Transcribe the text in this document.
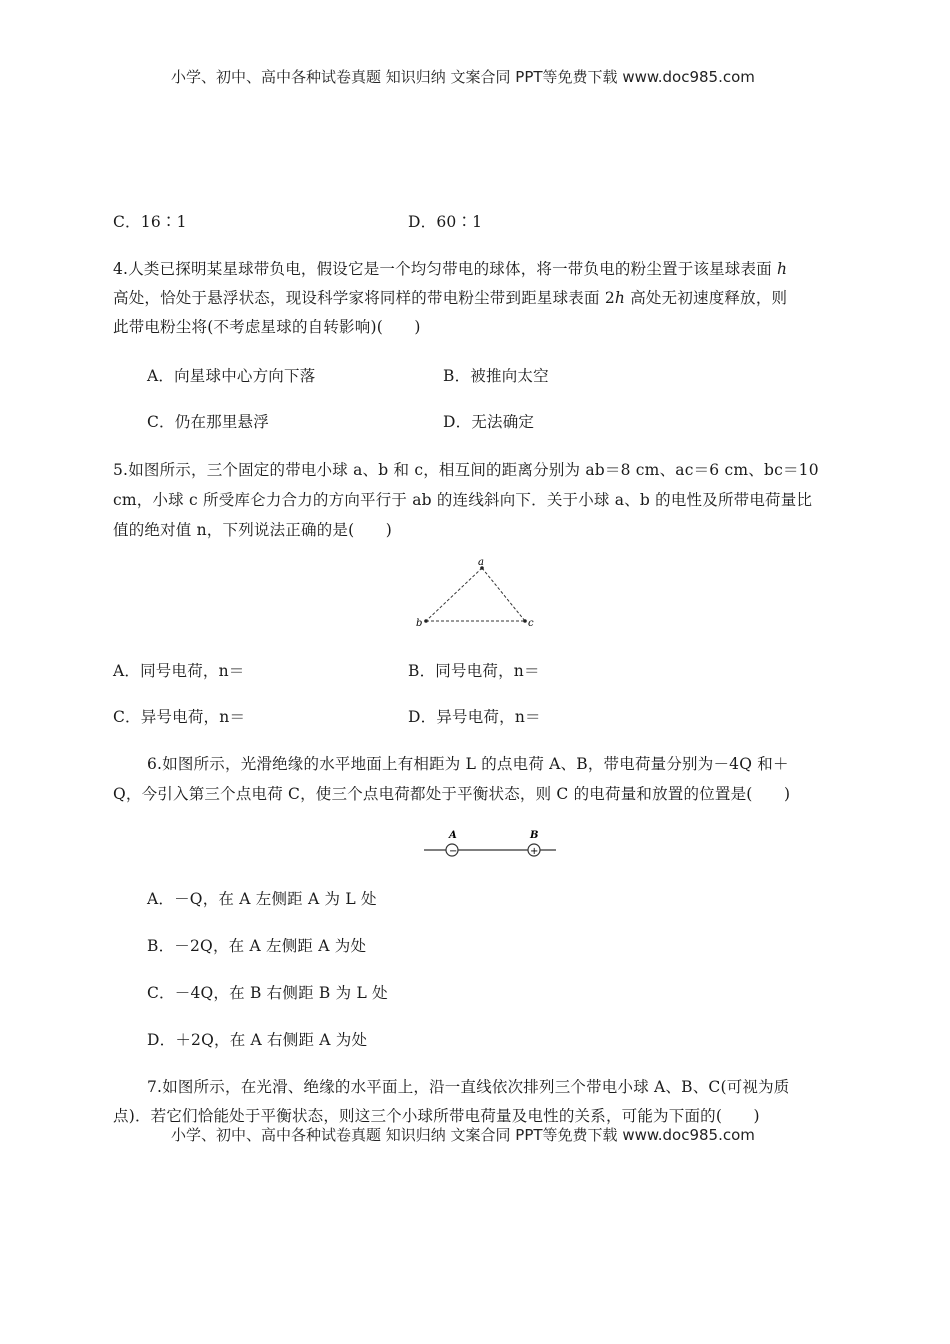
小学、初中、高中各种试卷真题 知识归纳 文案合同 PPT等免费下载 www.doc985.com
C．16∶1	D．60∶1
4.人类已探明某星球带负电，假设它是一个均匀带电的球体，将一带负电的粉尘置于该星球表面 h
高处，恰处于悬浮状态，现设科学家将同样的带电粉尘带到距星球表面 2h 高处无初速度释放，则
此带电粉尘将(不考虑星球的自转影响)(　　)
A．向星球中心方向下落	B．被推向太空
C．仍在那里悬浮	D．无法确定
5.如图所示，三个固定的带电小球 a、b 和 c，相互间的距离分别为 ab＝8 cm、ac＝6 cm、bc＝10
cm，小球 c 所受库仑力合力的方向平行于 ab 的连线斜向下．关于小球 a、b 的电性及所带电荷量比
值的绝对值 n，下列说法正确的是(　　)
a
b	c
A．同号电荷，n＝	B．同号电荷，n＝
C．异号电荷，n＝	D．异号电荷，n＝
6.如图所示，光滑绝缘的水平地面上有相距为 L 的点电荷 A、B，带电荷量分别为－4Q 和＋
Q，今引入第三个点电荷 C，使三个点电荷都处于平衡状态，则 C 的电荷量和放置的位置是(　　)
A	B
−	+
A．－Q，在 A 左侧距 A 为 L 处
B．－2Q，在 A 左侧距 A 为处
C．－4Q，在 B 右侧距 B 为 L 处
D．＋2Q，在 A 右侧距 A 为处
7.如图所示，在光滑、绝缘的水平面上，沿一直线依次排列三个带电小球 A、B、C(可视为质
点)．若它们恰能处于平衡状态，则这三个小球所带电荷量及电性的关系，可能为下面的(　　)
小学、初中、高中各种试卷真题 知识归纳 文案合同 PPT等免费下载 www.doc985.com
